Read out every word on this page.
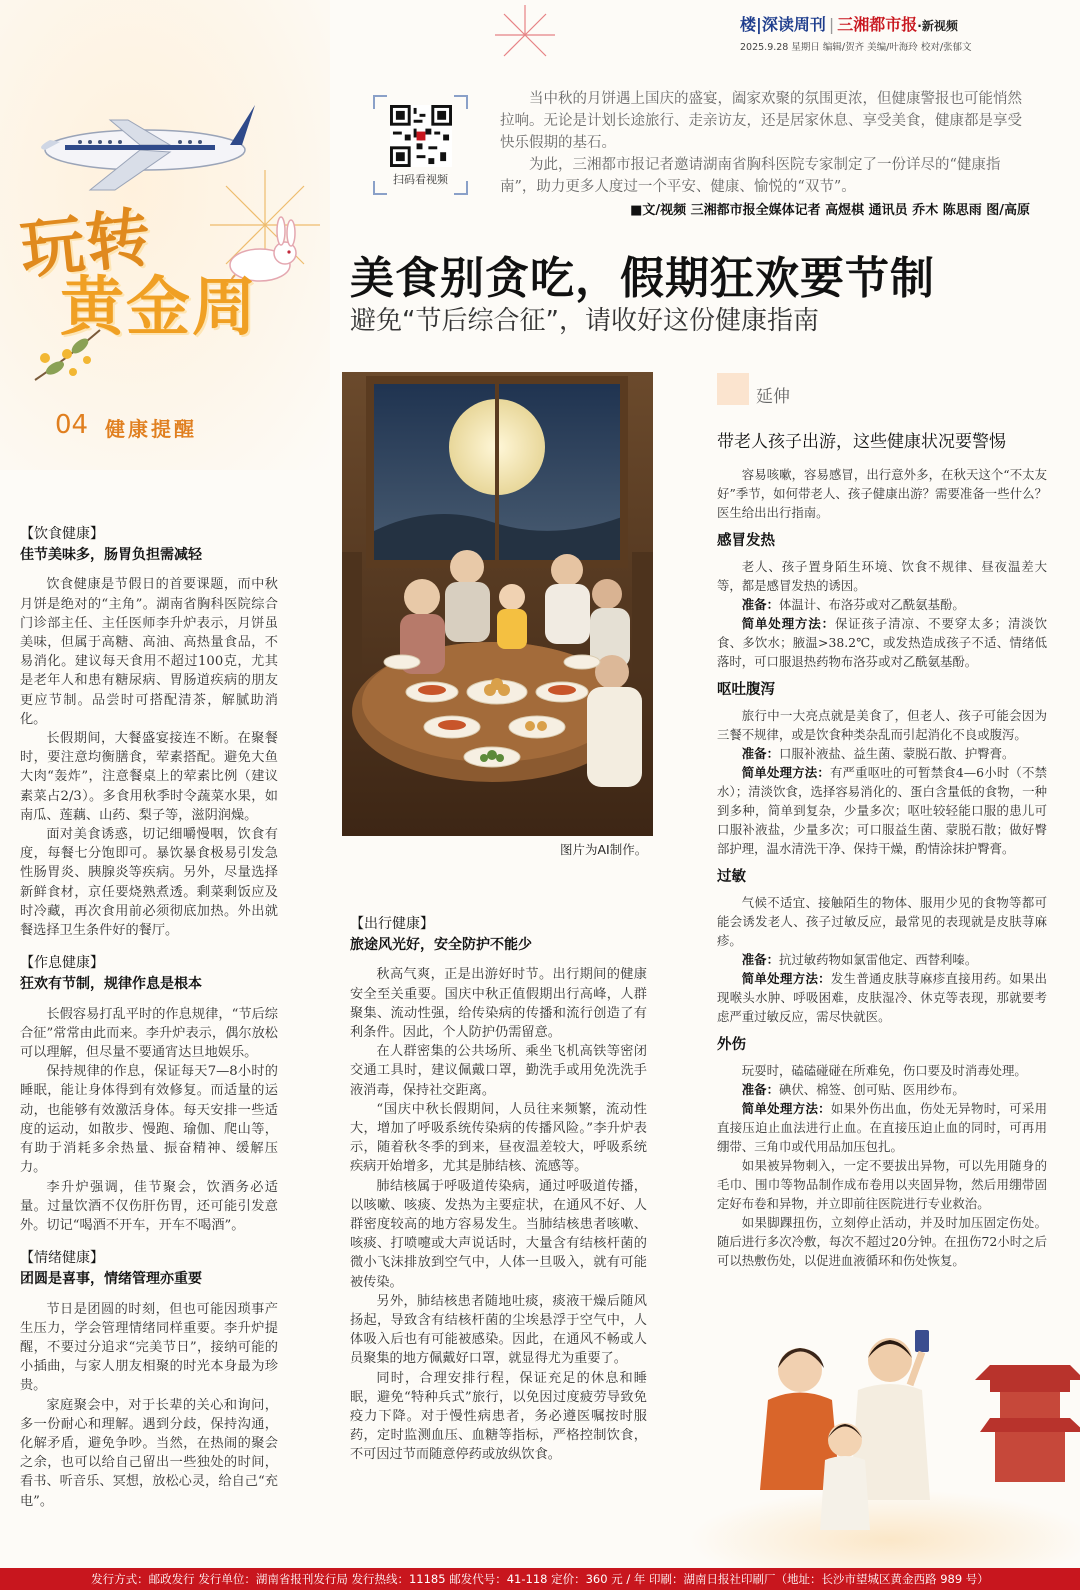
玩转
黄金周
04 健康提醒
楼|深读周刊 | 三湘都市报·新视频
2025.9.28 星期日 编辑/贺齐 美编/叶海玲 校对/张郁文
扫码看视频

当中秋的月饼遇上国庆的盛宴，阖家欢聚的氛围更浓，但健康警报也可能悄然拉响。无论是计划长途旅行、走亲访友，还是居家休息、享受美食，健康都是享受快乐假期的基石。

为此，三湘都市报记者邀请湖南省胸科医院专家制定了一份详尽的“健康指南”，助力更多人度过一个平安、健康、愉悦的“双节”。

■文/视频 三湘都市报全媒体记者 高煜棋 通讯员 乔木 陈思雨 图/高原
美食别贪吃，假期狂欢要节制
避免“节后综合征”，请收好这份健康指南
图片为AI制作。
【饮食健康】
佳节美味多，肠胃负担需减轻

饮食健康是节假日的首要课题，而中秋月饼是绝对的“主角”。湖南省胸科医院综合门诊部主任、主任医师李升炉表示，月饼虽美味，但属于高糖、高油、高热量食品，不易消化。建议每天食用不超过100克，尤其是老年人和患有糖尿病、胃肠道疾病的朋友更应节制。品尝时可搭配清茶，解腻助消化。

长假期间，大餐盛宴接连不断。在聚餐时，要注意均衡膳食，荤素搭配。避免大鱼大肉“轰炸”，注意餐桌上的荤素比例（建议素菜占2/3）。多食用秋季时令蔬菜水果，如南瓜、莲藕、山药、梨子等，滋阴润燥。

面对美食诱惑，切记细嚼慢咽，饮食有度，每餐七分饱即可。暴饮暴食极易引发急性肠胃炎、胰腺炎等疾病。另外，尽量选择新鲜食材，京任要烧熟煮透。剩菜剩饭应及时冷藏，再次食用前必须彻底加热。外出就餐选择卫生条件好的餐厅。

【作息健康】
狂欢有节制，规律作息是根本

长假容易打乱平时的作息规律，“节后综合征”常常由此而来。李升炉表示，偶尔放松可以理解，但尽量不要通宵达旦地娱乐。

保持规律的作息，保证每天7—8小时的睡眠，能让身体得到有效修复。而适量的运动，也能够有效激活身体。每天安排一些适度的运动，如散步、慢跑、瑜伽、爬山等，有助于消耗多余热量、振奋精神、缓解压力。

李升炉强调，佳节聚会，饮酒务必适量。过量饮酒不仅伤肝伤胃，还可能引发意外。切记“喝酒不开车，开车不喝酒”。

【情绪健康】
团圆是喜事，情绪管理亦重要

节日是团圆的时刻，但也可能因琐事产生压力，学会管理情绪同样重要。李升炉提醒，不要过分追求“完美节日”，接纳可能的小插曲，与家人朋友相聚的时光本身最为珍贵。

家庭聚会中，对于长辈的关心和询问，多一份耐心和理解。遇到分歧，保持沟通，化解矛盾，避免争吵。当然，在热闹的聚会之余，也可以给自己留出一些独处的时间，看书、听音乐、冥想，放松心灵，给自己“充电”。

【出行健康】
旅途风光好，安全防护不能少

秋高气爽，正是出游好时节。出行期间的健康安全至关重要。国庆中秋正值假期出行高峰，人群聚集、流动性强，给传染病的传播和流行创造了有利条件。因此，个人防护仍需留意。

在人群密集的公共场所、乘坐飞机高铁等密闭交通工具时，建议佩戴口罩，勤洗手或用免洗洗手液消毒，保持社交距离。

“国庆中秋长假期间，人员往来频繁，流动性大，增加了呼吸系统传染病的传播风险。”李升炉表示，随着秋冬季的到来，昼夜温差较大，呼吸系统疾病开始增多，尤其是肺结核、流感等。

肺结核属于呼吸道传染病，通过呼吸道传播，以咳嗽、咳痰、发热为主要症状，在通风不好、人群密度较高的地方容易发生。当肺结核患者咳嗽、咳痰、打喷嚏或大声说话时，大量含有结核杆菌的微小飞沫排放到空气中，人体一旦吸入，就有可能被传染。

另外，肺结核患者随地吐痰，痰液干燥后随风扬起，导致含有结核杆菌的尘埃悬浮于空气中，人体吸入后也有可能被感染。因此，在通风不畅或人员聚集的地方佩戴好口罩，就显得尤为重要了。

同时，合理安排行程，保证充足的休息和睡眠，避免“特种兵式”旅行，以免因过度疲劳导致免疫力下降。对于慢性病患者，务必遵医嘱按时服药，定时监测血压、血糖等指标，严格控制饮食，不可因过节而随意停药或放纵饮食。

延伸
带老人孩子出游，这些健康状况要警惕

容易咳嗽，容易感冒，出行意外多，在秋天这个“不太友好”季节，如何带老人、孩子健康出游？需要准备一些什么？医生给出出行指南。

感冒发热

老人、孩子置身陌生环境、饮食不规律、昼夜温差大等，都是感冒发热的诱因。

准备：体温计、布洛芬或对乙酰氨基酚。

简单处理方法：保证孩子清凉、不要穿太多；清淡饮食、多饮水；腋温>38.2℃，或发热造成孩子不适、情绪低落时，可口服退热药物布洛芬或对乙酰氨基酚。

呕吐腹泻

旅行中一大亮点就是美食了，但老人、孩子可能会因为三餐不规律，或是饮食种类杂乱而引起消化不良或腹泻。

准备：口服补液盐、益生菌、蒙脱石散、护臀膏。

简单处理方法：有严重呕吐的可暂禁食4—6小时（不禁水）；清淡饮食，选择容易消化的、蛋白含量低的食物，一种到多种，简单到复杂，少量多次；呕吐较轻能口服的患儿可口服补液盐，少量多次；可口服益生菌、蒙脱石散；做好臀部护理，温水清洗干净、保持干燥，酌情涂抹护臀膏。

过敏

气候不适宜、接触陌生的物体、服用少见的食物等都可能会诱发老人、孩子过敏反应，最常见的表现就是皮肤荨麻疹。

准备：抗过敏药物如氯雷他定、西替利嗪。

简单处理方法：发生普通皮肤荨麻疹直接用药。如果出现喉头水肿、呼吸困难，皮肤湿冷、休克等表现，那就要考虑严重过敏反应，需尽快就医。

外伤

玩耍时，磕磕碰碰在所难免，伤口要及时消毒处理。

准备：碘伏、棉签、创可贴、医用纱布。

简单处理方法：如果外伤出血，伤处无异物时，可采用直接压迫止血法进行止血。在直接压迫止血的同时，可再用绷带、三角巾或代用品加压包扎。

如果被异物刺入，一定不要拔出异物，可以先用随身的毛巾、围巾等物品制作成布卷用以夹固异物，然后用绷带固定好布卷和异物，并立即前往医院进行专业救治。

如果脚踝扭伤，立刻停止活动，并及时加压固定伤处。随后进行多次冷敷，每次不超过20分钟。在扭伤72小时之后可以热敷伤处，以促进血液循环和伤处恢复。

发行方式：邮政发行 发行单位：湖南省报刊发行局 发行热线：11185 邮发代号：41-118 定价：360 元 / 年 印刷：湖南日报社印刷厂（地址：长沙市望城区黄金西路 989 号）
